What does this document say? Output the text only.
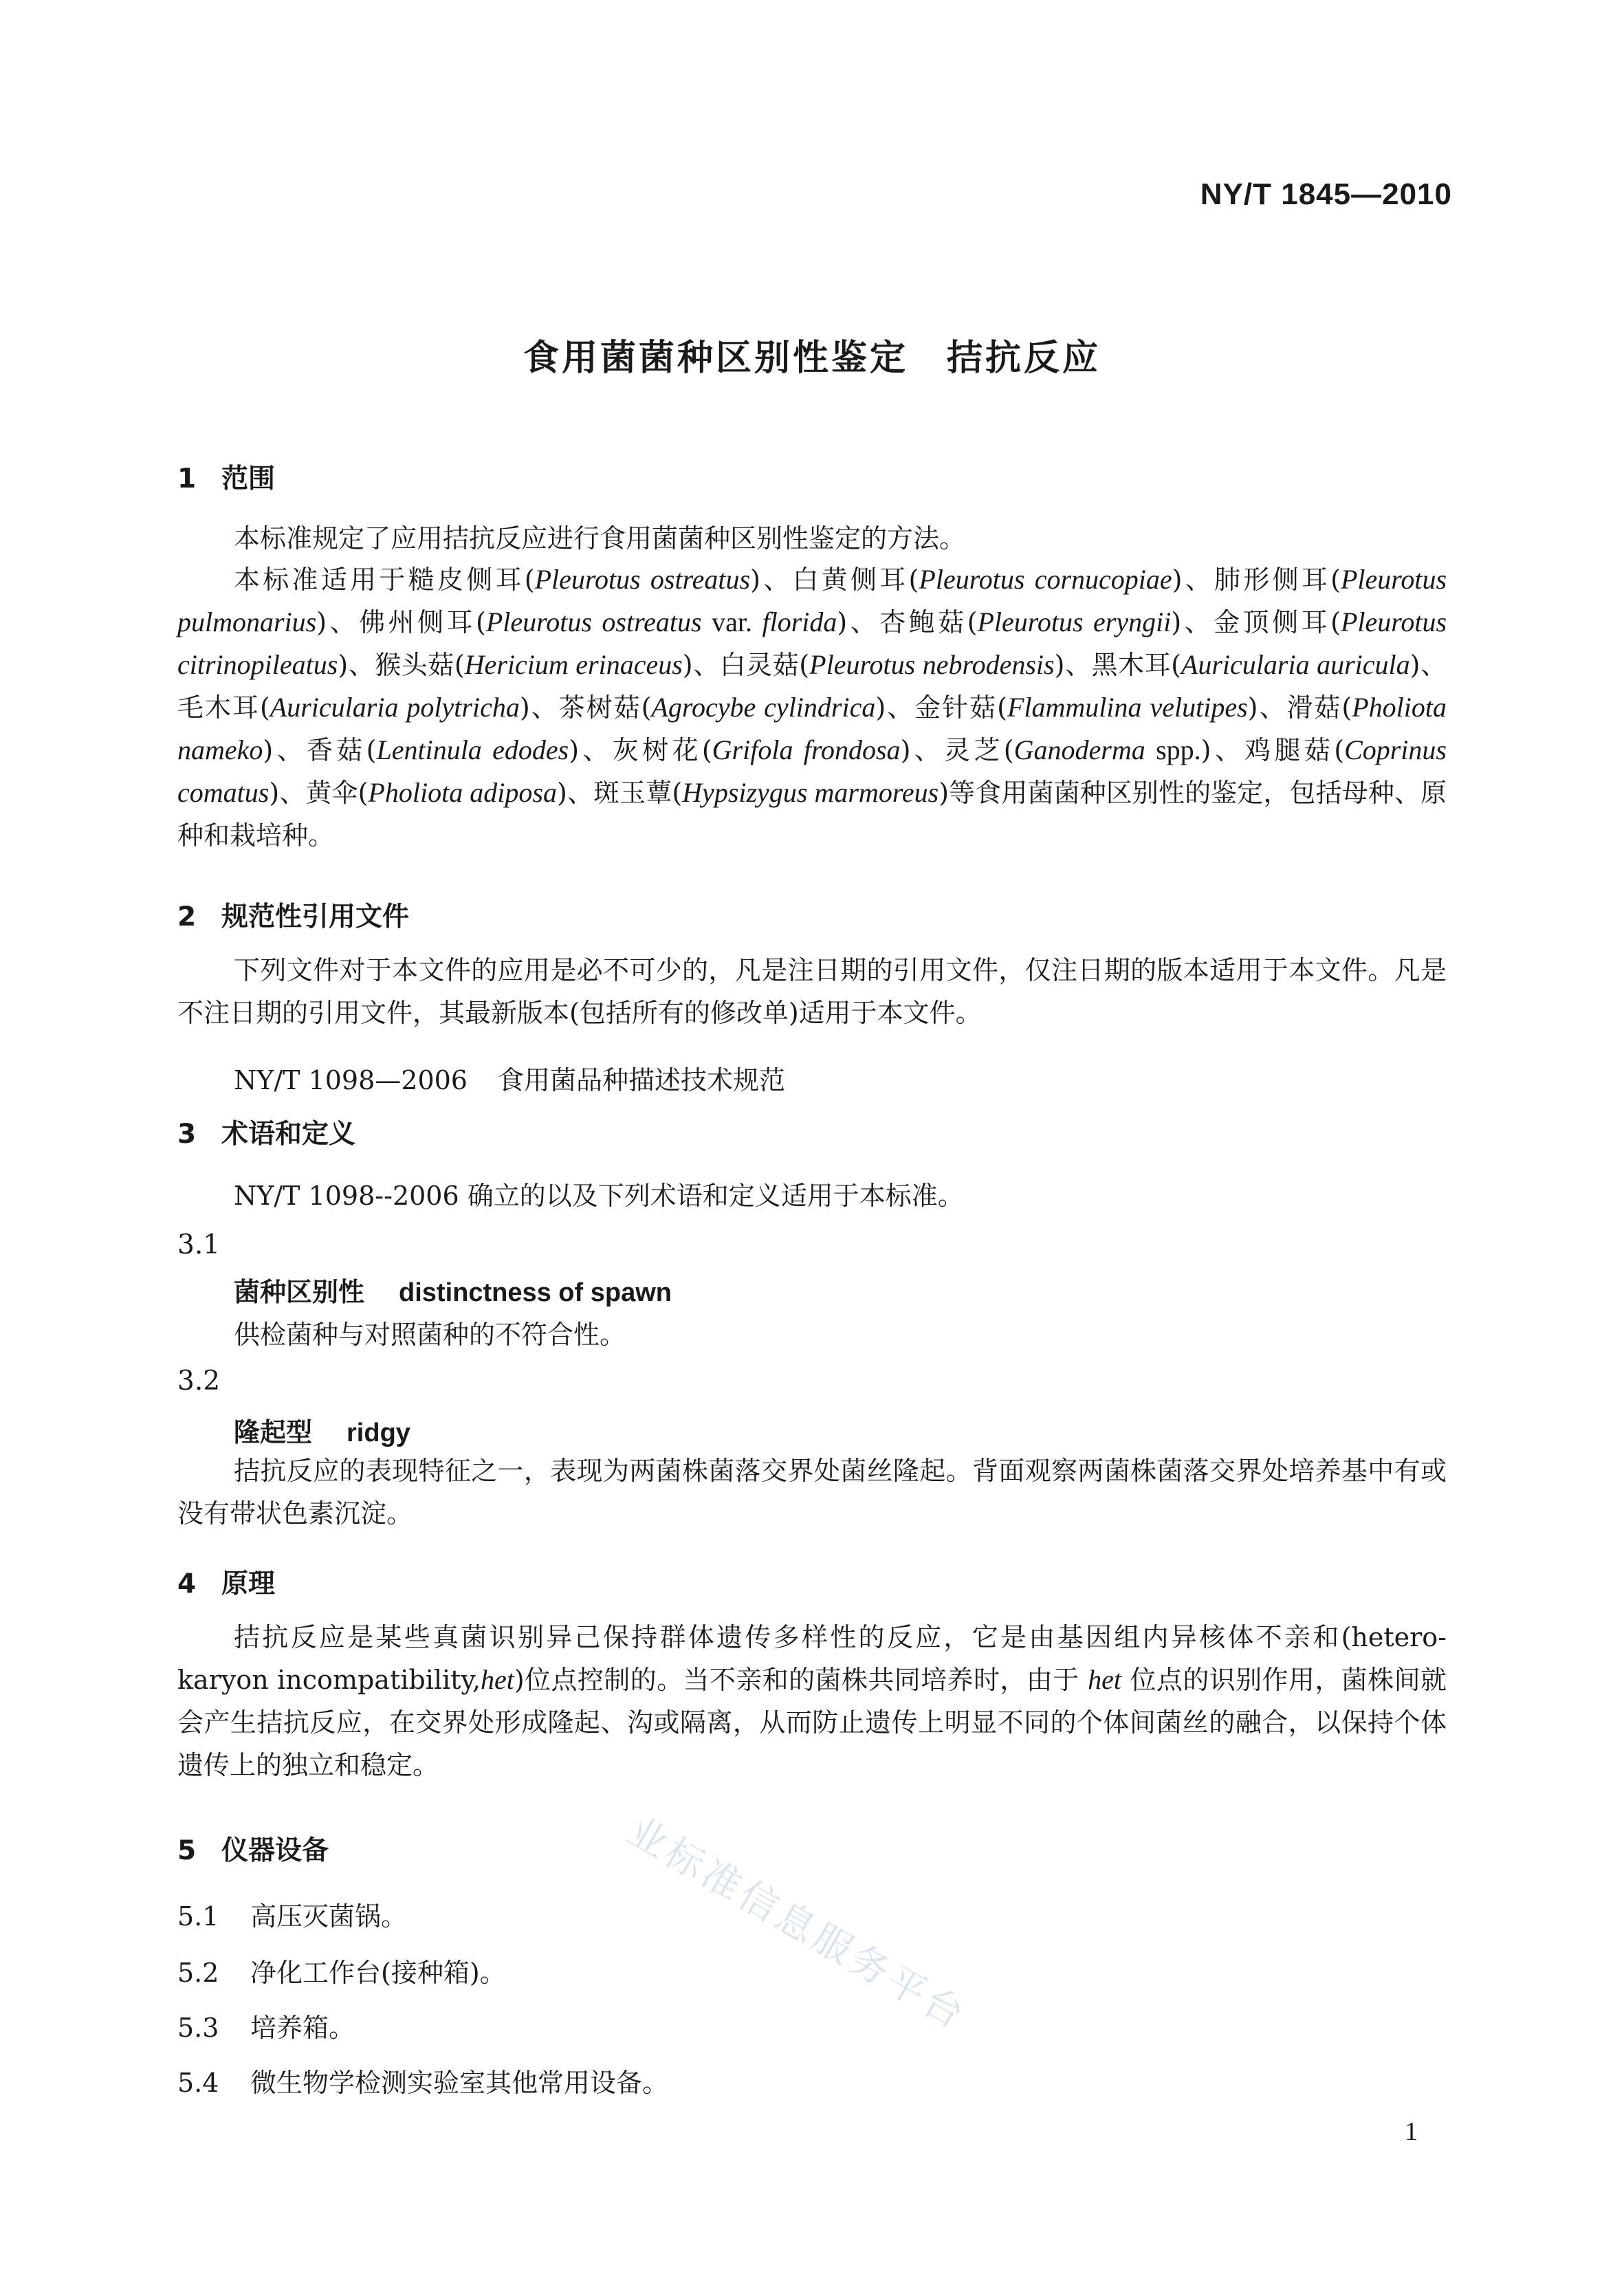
NY/T 1845—2010
食用菌菌种区别性鉴定　拮抗反应
1 范围
本标准规定了应用拮抗反应进行食用菌菌种区别性鉴定的方法。
本标准适用于糙皮侧耳(Pleurotus ostreatus)、白黄侧耳(Pleurotus cornucopiae)、肺形侧耳(Pleurotus pulmonarius)、佛州侧耳(Pleurotus ostreatus var. florida)、杏鲍菇(Pleurotus eryngii)、金顶侧耳(Pleurotus citrinopileatus)、猴头菇(Hericium erinaceus)、白灵菇(Pleurotus nebrodensis)、黑木耳(Auricularia auricula)、毛木耳(Auricularia polytricha)、茶树菇(Agrocybe cylindrica)、金针菇(Flammulina velutipes)、滑菇(Pholiota nameko)、香菇(Lentinula edodes)、灰树花(Grifola frondosa)、灵芝(Ganoderma spp.)、鸡腿菇(Coprinus comatus)、黄伞(Pholiota adiposa)、斑玉蕈(Hypsizygus marmoreus)等食用菌菌种区别性的鉴定，包括母种、原种和栽培种。
2 规范性引用文件
下列文件对于本文件的应用是必不可少的，凡是注日期的引用文件，仅注日期的版本适用于本文件。凡是不注日期的引用文件，其最新版本(包括所有的修改单)适用于本文件。
NY/T 1098—2006 食用菌品种描述技术规范
3 术语和定义
NY/T 1098--2006 确立的以及下列术语和定义适用于本标准。
3.1
菌种区别性 distinctness of spawn
供检菌种与对照菌种的不符合性。
3.2
隆起型 ridgy
拮抗反应的表现特征之一，表现为两菌株菌落交界处菌丝隆起。背面观察两菌株菌落交界处培养基中有或没有带状色素沉淀。
4 原理
拮抗反应是某些真菌识别异己保持群体遗传多样性的反应，它是由基因组内异核体不亲和(hetero-karyon incompatibility,het)位点控制的。当不亲和的菌株共同培养时，由于 het 位点的识别作用，菌株间就会产生拮抗反应，在交界处形成隆起、沟或隔离，从而防止遗传上明显不同的个体间菌丝的融合，以保持个体遗传上的独立和稳定。
5 仪器设备
5.1 高压灭菌锅。
5.2 净化工作台(接种箱)。
5.3 培养箱。
5.4 微生物学检测实验室其他常用设备。
业标准信息服务平台
1
